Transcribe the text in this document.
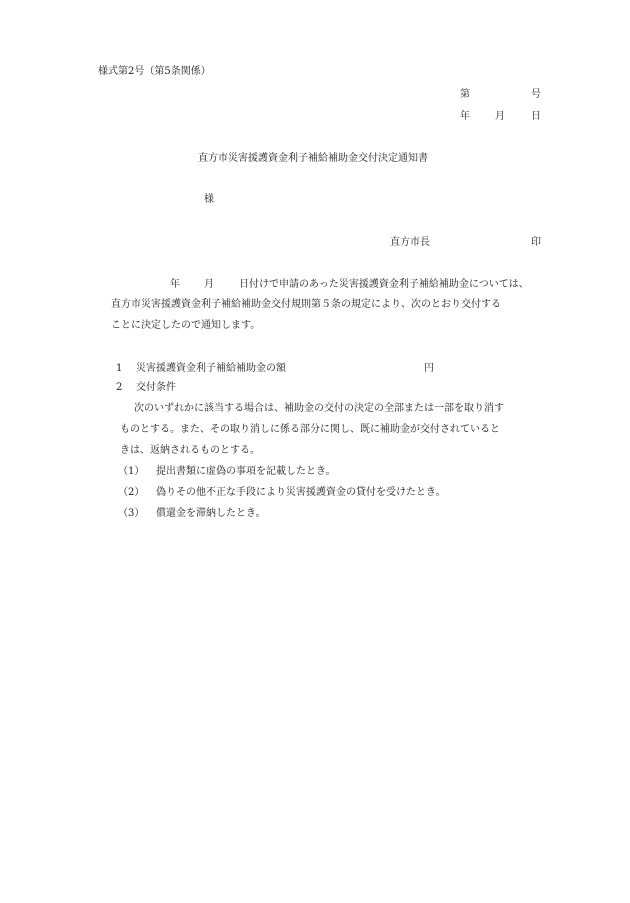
様式第2号（第5条関係）
第	号
年	月	日
直方市災害援護資金利子補給補助金交付決定通知書
様
直方市長	印
年 月	日付けで申請のあった災害援護資金利子補給補助金については、
直方市災害援護資金利子補給補助金交付規則第５条の規定により、次のとおり交付する
ことに決定したので通知します。
1 災害援護資金利子補給補助金の額	円
2 交付条件
次のいずれかに該当する場合は、補助金の交付の決定の全部または一部を取り消す
ものとする。また、その取り消しに係る部分に関し、既に補助金が交付されていると
きは、返納されるものとする。
（1） 提出書類に虚偽の事項を記載したとき。
（2） 偽りその他不正な手段により災害援護資金の貸付を受けたとき。
（3） 償還金を滞納したとき。
